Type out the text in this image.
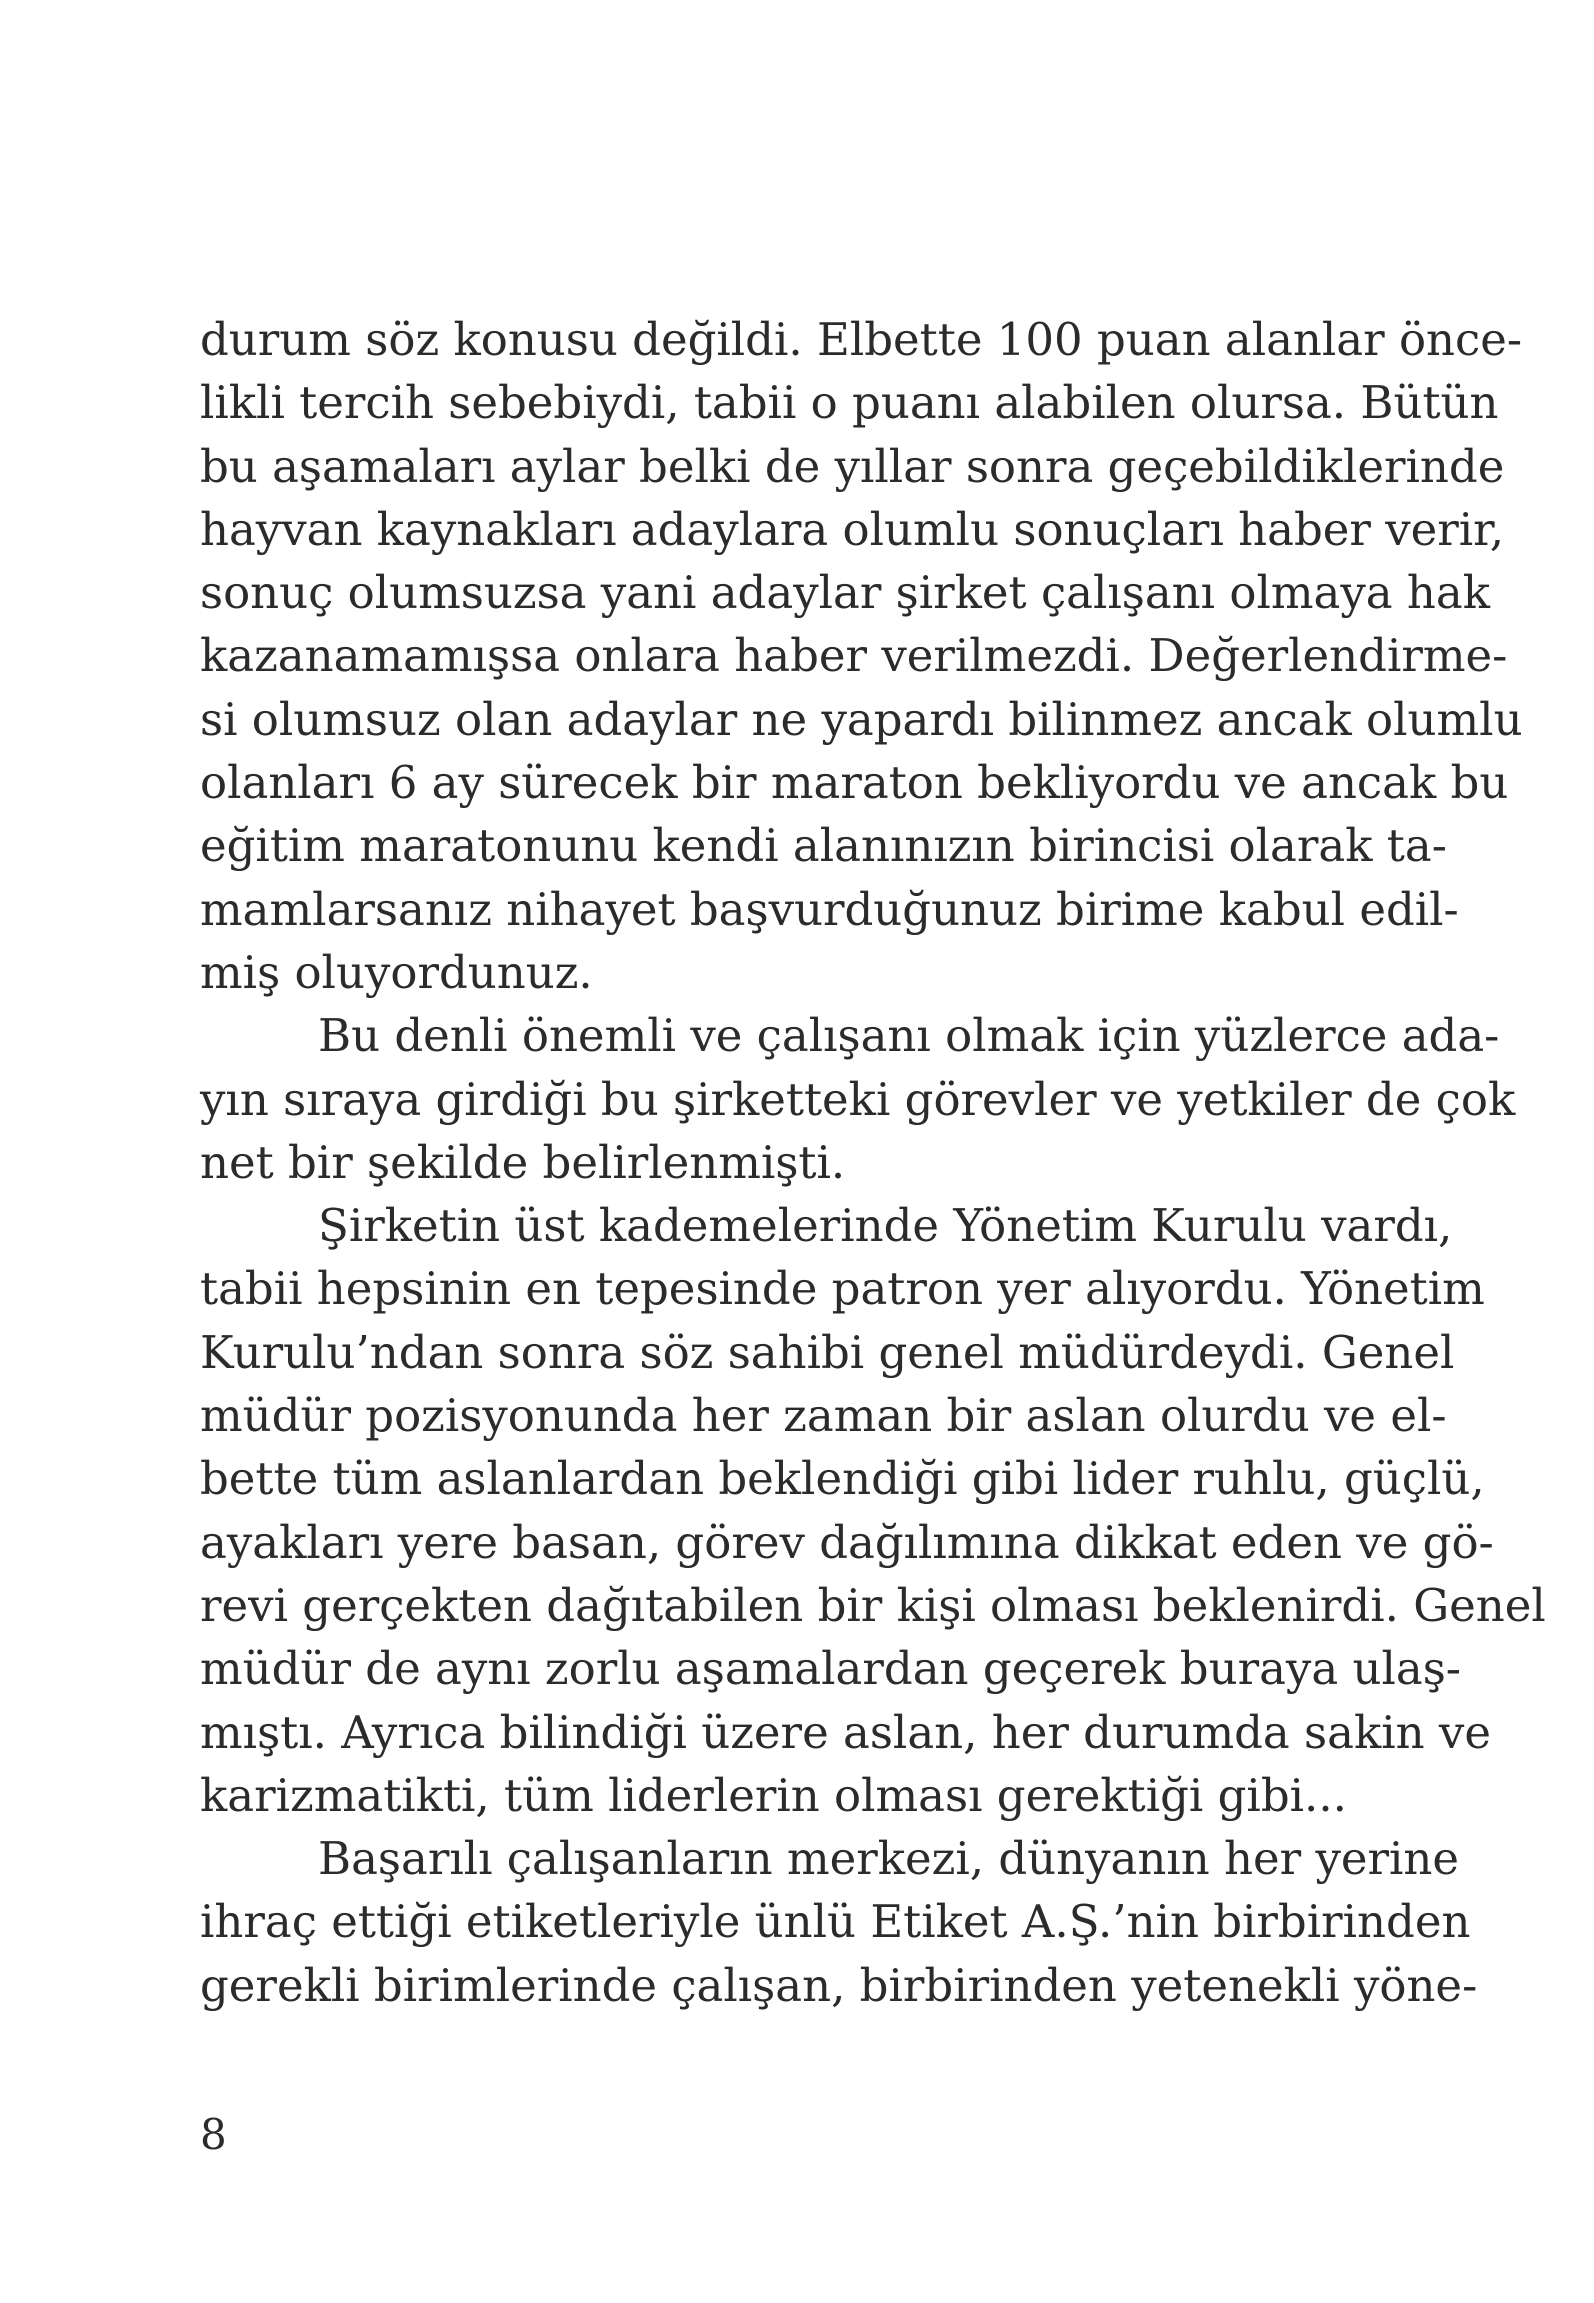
durum söz konusu değildi. Elbette 100 puan alanlar önce-
likli tercih sebebiydi, tabii o puanı alabilen olursa. Bütün
bu aşamaları aylar belki de yıllar sonra geçebildiklerinde
hayvan kaynakları adaylara olumlu sonuçları haber verir,
sonuç olumsuzsa yani adaylar şirket çalışanı olmaya hak
kazanamamışsa onlara haber verilmezdi. Değerlendirme-
si olumsuz olan adaylar ne yapardı bilinmez ancak olumlu
olanları 6 ay sürecek bir maraton bekliyordu ve ancak bu
eğitim maratonunu kendi alanınızın birincisi olarak ta-
mamlarsanız nihayet başvurduğunuz birime kabul edil-
miş oluyordunuz.
Bu denli önemli ve çalışanı olmak için yüzlerce ada-
yın sıraya girdiği bu şirketteki görevler ve yetkiler de çok
net bir şekilde belirlenmişti.
Şirketin üst kademelerinde Yönetim Kurulu vardı,
tabii hepsinin en tepesinde patron yer alıyordu. Yönetim
Kurulu’ndan sonra söz sahibi genel müdürdeydi. Genel
müdür pozisyonunda her zaman bir aslan olurdu ve el-
bette tüm aslanlardan beklendiği gibi lider ruhlu, güçlü,
ayakları yere basan, görev dağılımına dikkat eden ve gö-
revi gerçekten dağıtabilen bir kişi olması beklenirdi. Genel
müdür de aynı zorlu aşamalardan geçerek buraya ulaş-
mıştı. Ayrıca bilindiği üzere aslan, her durumda sakin ve
karizmatikti, tüm liderlerin olması gerektiği gibi...
Başarılı çalışanların merkezi, dünyanın her yerine
ihraç ettiği etiketleriyle ünlü Etiket A.Ş.’nin birbirinden
gerekli birimlerinde çalışan, birbirinden yetenekli yöne-
8
